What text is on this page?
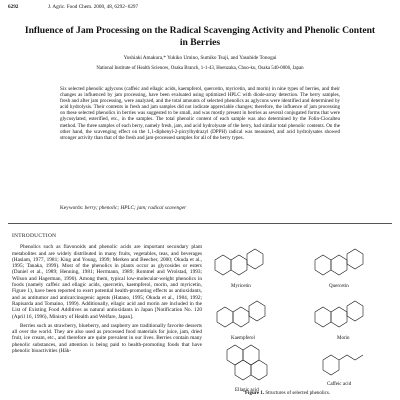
6292	J. Agric. Food Chem. 2000, 48, 6292−6297
Influence of Jam Processing on the Radical Scavenging Activity and Phenolic Content in Berries
Yoshiaki Amakura,* Yukiko Umino, Sumiko Tsuji, and Yasuhide Tonogai
National Institute of Health Sciences, Osaka Branch, 1-1-43, Hoenzaka, Chuo-ku, Osaka 540-0006, Japan
Six selected phenolic aglycons (caffeic and ellagic acids, kaempferol, quercetin, myricetin, and morin) in nine types of berries, and their changes as influenced by jam processing, have been evaluated using optimized HPLC with diode-array detection. The berry samples, fresh and after jam processing, were analyzed, and the total amounts of selected phenolics as aglycons were identified and determined by acid hydrolysis. Their contents in fresh and jam samples did not indicate appreciable changes; therefore, the influence of jam processing on these selected phenolics in berries was suggested to be small, and was mostly present in berries as several conjugated forms that were glycosylated, esterified, etc., in the samples. The total phenolic content of each sample was also determined by the Folin-Ciocalteu method. The three samples of each berry, namely fresh, jam, and acid hydrolysate of the berry, had similar total phenolic contents. On the other hand, the scavenging effect on the 1,1-diphenyl-2-picrylhydrazyl (DPPH) radical was measured, and acid hydrolysates showed stronger activity than that of the fresh and jam-processed samples for all of the berry types.
Keywords: berry; phenolic; HPLC; jam; radical scavenger
INTRODUCTION

Phenolics such as flavonoids and phenolic acids are important secondary plant metabolites and are widely distributed in many fruits, vegetables, teas, and beverages (Haslam, 1977, 1981; King and Young, 1999; Merken and Beecher, 2000; Okuda et al., 1995; Tanaka, 1999). Most of the phenolics in plants occur as glycosides or esters (Daniel et al., 1989; Henning, 1981; Herrmann, 1989; Rommel and Wrolstad, 1993; Wilson and Hagerman, 1990). Among them, typical low-molecular-weight phenolics in foods (namely caffeic and ellagic acids, quercetin, kaempferol, morin, and myricetin, Figure 1), have been reported to exert potential health-promoting effects as antioxidants, and as antitumor and anticarcinogenic agents (Hatano, 1995; Okuda et al., 1984, 1992; Rapisarda and Tomaino, 1999). Additionally, ellagic acid and morin are included in the List of Existing Food Additives as natural antioxidants in Japan [Notification No. 120 (April 16, 1996), Ministry of Health and Welfare, Japan].

Berries such as strawberry, blueberry, and raspberry are traditionally favorite desserts all over the world. They are also used as processed food materials for juice, jam, dried fruit, ice cream, etc., and therefore are quite prevalent in our lives. Berries contain many phenolic substances, and attention is being paid to health-promoting foods that have phenolic bioactivities (Häk-

Myricetin	Quercetin
Kaempferol	Morin
Ellagic acid
Caffeic acid
Figure 1. Structures of selected phenolics.
